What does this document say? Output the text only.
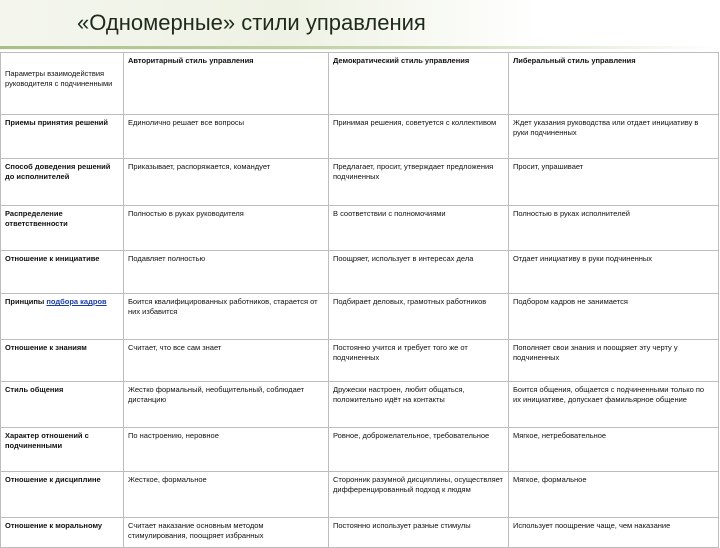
«Одномерные» стили управления
Параметры взаимодействия руководителя с подчиненными	Авторитарный стиль управления	Демократический стиль управления	Либеральный стиль управления
Приемы принятия решений	Единолично решает все вопросы	Принимая решения, советуется с коллективом	Ждет указания руководства или отдает инициативу в руки подчиненных
Способ доведения решений до исполнителей	Приказывает, распоряжается, командует	Предлагает, просит, утверждает предложения подчиненных	Просит, упрашивает
Распределение ответственности	Полностью в руках руководителя	В соответствии с полномочиями	Полностью в руках исполнителей
Отношение к инициативе	Подавляет полностью	Поощряет, использует в интересах дела	Отдает инициативу в руки подчиненных
Принципы подбора кадров	Боится квалифицированных работников, старается от них избавится	Подбирает деловых, грамотных работников	Подбором кадров не занимается
Отношение к знаниям	Считает, что все сам знает	Постоянно учится и требует того же от подчиненных	Пополняет свои знания и поощряет эту черту у подчиненных
Стиль общения	Жестко формальный, необщительный, соблюдает дистанцию	Дружески настроен, любит общаться, положительно идёт на контакты	Боится общения, общается с подчиненными только по их инициативе, допускает фамильярное общение
Характер отношений с подчиненными	По настроению, неровное	Ровное, доброжелательное, требовательное	Мягкое, нетребовательное
Отношение к дисциплине	Жесткое, формальное	Сторонник разумной дисциплины, осуществляет дифференцированный подход к людям	Мягкое, формальное
Отношение к моральному	Считает наказание основным методом стимулирования, поощряет избранных	Постоянно использует разные стимулы	Использует поощрение чаще, чем наказание
